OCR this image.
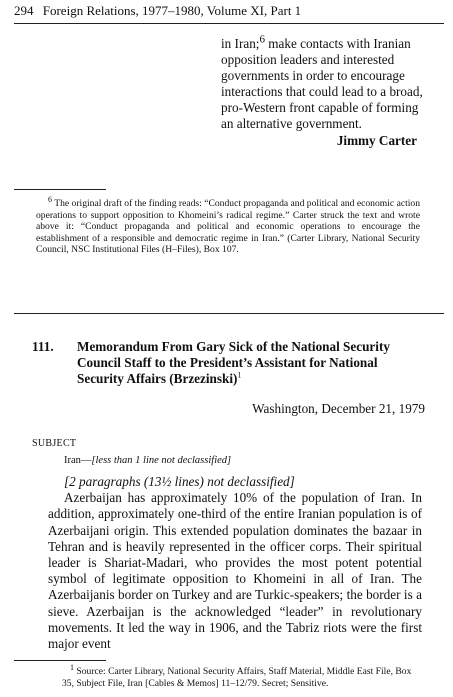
294 Foreign Relations, 1977–1980, Volume XI, Part 1
in Iran;$^6$ make contacts with Iranian opposition leaders and interested governments in order to encourage interactions that could lead to a broad, pro-Western front capable of forming an alternative government.
Jimmy Carter
$^6$ The original draft of the finding reads: “Conduct propaganda and political and economic action operations to support opposition to Khomeini’s radical regime.” Carter struck the text and wrote above it: “Conduct propaganda and political and economic operations to encourage the establishment of a responsible and democratic regime in Iran.” (Carter Library, National Security Council, NSC Institutional Files (H–Files), Box 107.
111. Memorandum From Gary Sick of the National Security Council Staff to the President’s Assistant for National Security Affairs (Brzezinski)$^1$
Washington, December 21, 1979
SUBJECT
Iran—[less than 1 line not declassified]

[2 paragraphs (13½ lines) not declassified]

Azerbaijan has approximately 10% of the population of Iran. In addition, approximately one-third of the entire Iranian population is of Azerbaijani origin. This extended population dominates the bazaar in Tehran and is heavily represented in the officer corps. Their spiritual leader is Shariat-Madari, who provides the most potent potential symbol of legitimate opposition to Khomeini in all of Iran. The Azerbaijanis border on Turkey and are Turkic-speakers; the border is a sieve. Azerbaijan is the acknowledged “leader” in revolutionary movements. It led the way in 1906, and the Tabriz riots were the first major event

$^1$ Source: Carter Library, National Security Affairs, Staff Material, Middle East File, Box 35, Subject File, Iran [Cables & Memos] 11–12/79. Secret; Sensitive.
